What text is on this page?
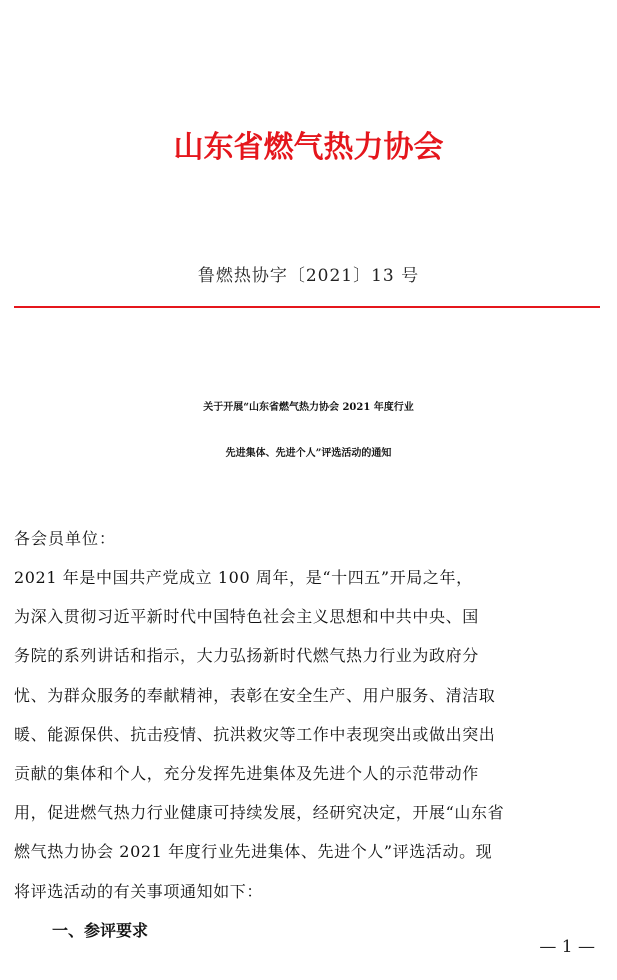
山东省燃气热力协会
鲁燃热协字〔2021〕13 号
关于开展“山东省燃气热力协会 2021 年度行业
先进集体、先进个人”评选活动的通知
各会员单位：
2021 年是中国共产党成立 100 周年，是“十四五”开局之年，
为深入贯彻习近平新时代中国特色社会主义思想和中共中央、国
务院的系列讲话和指示，大力弘扬新时代燃气热力行业为政府分
忧、为群众服务的奉献精神，表彰在安全生产、用户服务、清洁取
暖、能源保供、抗击疫情、抗洪救灾等工作中表现突出或做出突出
贡献的集体和个人，充分发挥先进集体及先进个人的示范带动作
用，促进燃气热力行业健康可持续发展，经研究决定，开展“山东省
燃气热力协会 2021 年度行业先进集体、先进个人”评选活动。现
将评选活动的有关事项通知如下：
一、参评要求
— 1 —
